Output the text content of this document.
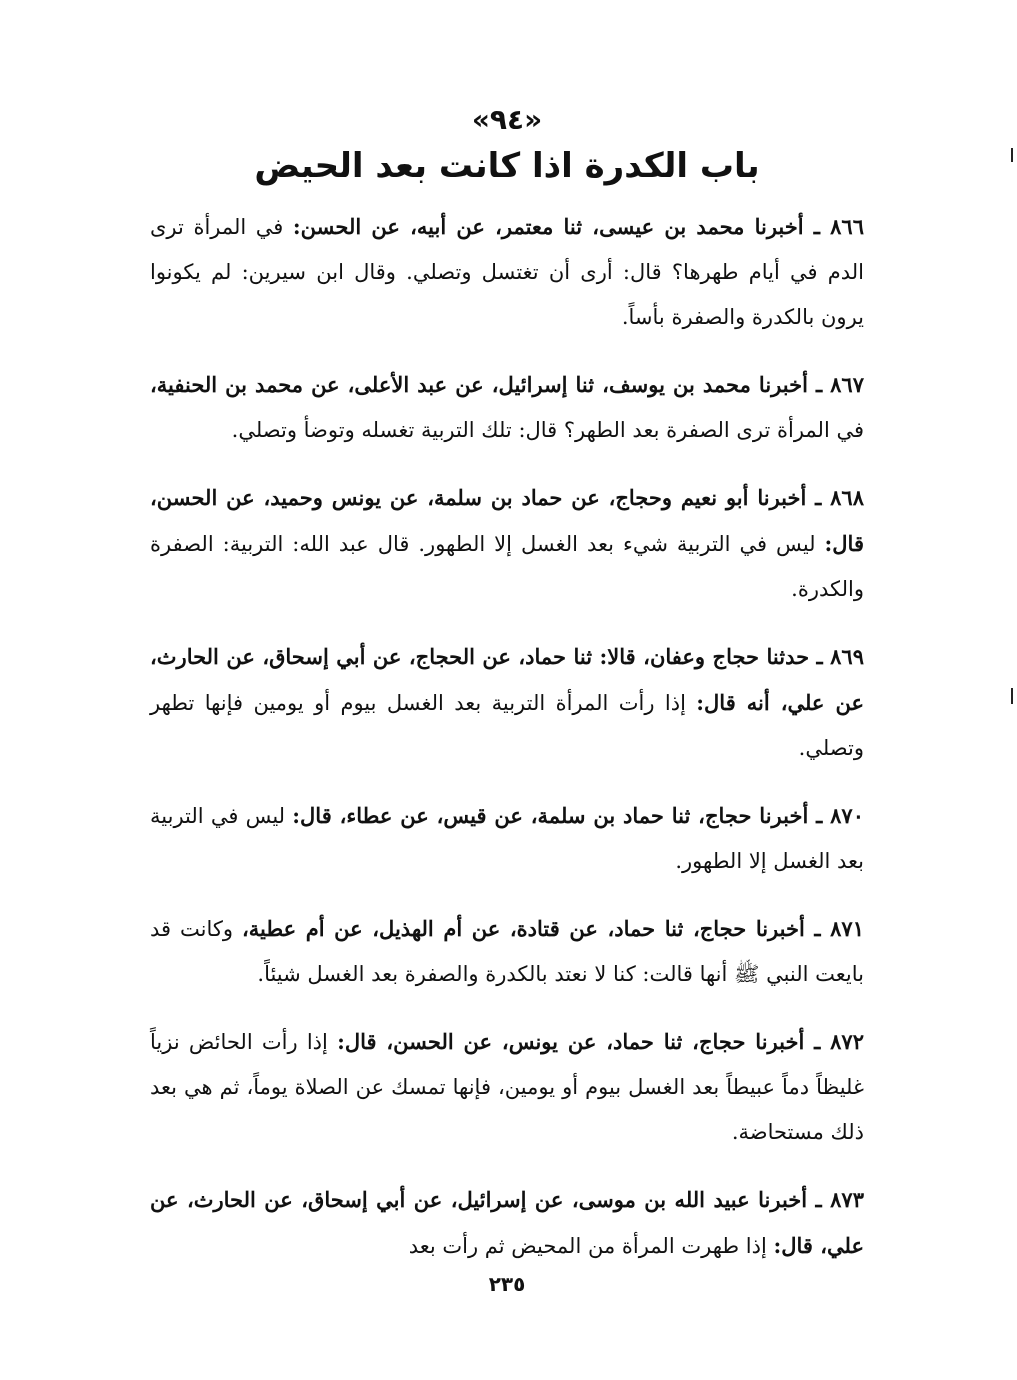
«٩٤»
باب الكدرة اذا كانت بعد الحيض

٨٦٦ ـ أخبرنا محمد بن عيسى، ثنا معتمر، عن أبيه، عن الحسن: في المرأة ترى الدم في أيام طهرها؟ قال: أرى أن تغتسل وتصلي. وقال ابن سيرين: لم يكونوا يرون بالكدرة والصفرة بأساً.

٨٦٧ ـ أخبرنا محمد بن يوسف، ثنا إسرائيل، عن عبد الأعلى، عن محمد بن الحنفية، في المرأة ترى الصفرة بعد الطهر؟ قال: تلك التربية تغسله وتوضأ وتصلي.

٨٦٨ ـ أخبرنا أبو نعيم وحجاج، عن حماد بن سلمة، عن يونس وحميد، عن الحسن، قال: ليس في التربية شيء بعد الغسل إلا الطهور. قال عبد الله: التربية: الصفرة والكدرة.

٨٦٩ ـ حدثنا حجاج وعفان، قالا: ثنا حماد، عن الحجاج، عن أبي إسحاق، عن الحارث، عن علي، أنه قال: إذا رأت المرأة التربية بعد الغسل بيوم أو يومين فإنها تطهر وتصلي.

٨٧٠ ـ أخبرنا حجاج، ثنا حماد بن سلمة، عن قيس، عن عطاء، قال: ليس في التربية بعد الغسل إلا الطهور.

٨٧١ ـ أخبرنا حجاج، ثنا حماد، عن قتادة، عن أم الهذيل، عن أم عطية، وكانت قد بايعت النبي ﷺ أنها قالت: كنا لا نعتد بالكدرة والصفرة بعد الغسل شيئاً.

٨٧٢ ـ أخبرنا حجاج، ثنا حماد، عن يونس، عن الحسن، قال: إذا رأت الحائض نزياً غليظاً دماً عبيطاً بعد الغسل بيوم أو يومين، فإنها تمسك عن الصلاة يوماً، ثم هي بعد ذلك مستحاضة.

٨٧٣ ـ أخبرنا عبيد الله بن موسى، عن إسرائيل، عن أبي إسحاق، عن الحارث، عن علي، قال: إذا طهرت المرأة من المحيض ثم رأت بعد

٢٣٥
